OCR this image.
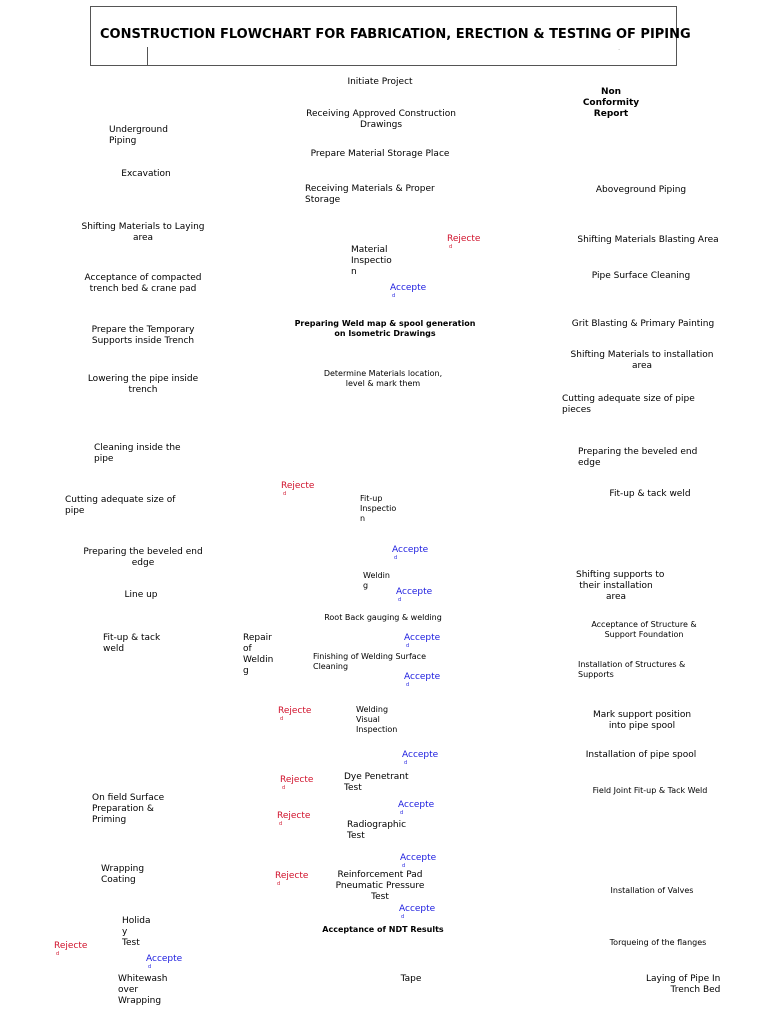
CONSTRUCTION FLOWCHART FOR FABRICATION, ERECTION & TESTING OF PIPING
·
Initiate Project
Receiving Approved Construction
Drawings
Prepare Material Storage Place
Receiving Materials & Proper
Storage
Material
Inspectio
n
Preparing Weld map & spool generation
on Isometric Drawings
Determine Materials location,
level & mark them
Fit-up
Inspectio
n
Weldin
g
Root Back gauging & welding
Finishing of Welding Surface
Cleaning
Repair
of
Weldin
g
Welding
Visual
Inspection
Dye Penetrant
Test
Radiographic
Test
Reinforcement Pad
Pneumatic Pressure
Test
Acceptance of NDT Results
Tape
Underground
Piping
Excavation
Shifting Materials to Laying
area
Acceptance of compacted
trench bed & crane pad
Prepare the Temporary
Supports inside Trench
Lowering the pipe inside
trench
Cleaning inside the
pipe
Cutting adequate size of
pipe
Preparing the beveled end
edge
Line up
Fit-up & tack
weld
On field Surface
Preparation &
Priming
Wrapping
Coating
Holida
y
Test
Whitewash
over
Wrapping
Non
Conformity
Report
Aboveground Piping
Shifting Materials Blasting Area
Pipe Surface Cleaning
Grit Blasting & Primary Painting
Shifting Materials to installation
area
Cutting adequate size of pipe
pieces
Preparing the beveled end
edge
Fit-up & tack weld
Shifting supports to
their installation
area
Acceptance of Structure &
Support Foundation
Installation of Structures &
Supports
Mark support position
into pipe spool
Installation of pipe spool
Field Joint Fit-up & Tack Weld
Installation of Valves
Torqueing of the flanges
Laying of Pipe In
Trench Bed
Rejecte
d
Rejecte
d
Rejecte
d
Rejecte
d
Rejecte
d
Rejecte
d
Rejecte
d
Accepte
d
Accepte
d
Accepte
d
Accepte
d
Accepte
d
Accepte
d
Accepte
d
Accepte
d
Accepte
d
Accepte
d
